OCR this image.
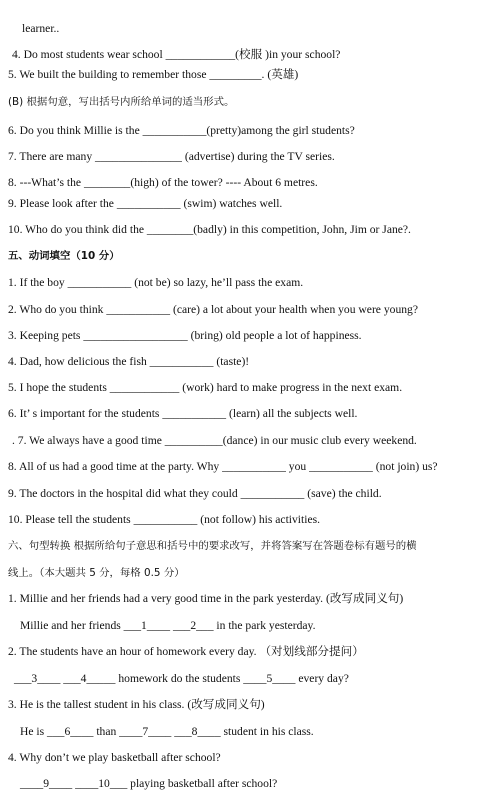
learner..
4. Do most students wear school ____________(校服 )in your school?
5. We built the building to remember those _________. (英雄)
(B) 根据句意，写出括号内所给单词的适当形式。
6. Do you think Millie is the ___________(pretty)among the girl students?
7. There are many _______________ (advertise) during the TV series.
8. ---What’s the ________(high) of the tower? ---- About 6 metres.
9. Please look after the ___________ (swim) watches well.
10. Who do you think did the ________(badly) in this competition, John, Jim or Jane?.
五、动词填空（10 分）
1. If the boy ___________ (not be) so lazy, he’ll pass the exam.
2. Who do you think ___________ (care) a lot about your health when you were young?
3. Keeping pets __________________ (bring) old people a lot of happiness.
4. Dad, how delicious the fish ___________ (taste)!
5. I hope the students ____________ (work) hard to make progress in the next exam.
6. It’ s important for the students ___________ (learn) all the subjects well.
. 7. We always have a good time __________(dance) in our music club every weekend.
8. All of us had a good time at the party. Why ___________ you ___________ (not join) us?
9. The doctors in the hospital did what they could ___________ (save) the child.
10. Please tell the students ___________ (not follow) his activities.
六、句型转换 根据所给句子意思和括号中的要求改写，并将答案写在答题卷标有题号的横
线上。（本大题共 5 分，每格 0.5 分）
1. Millie and her friends had a very good time in the park yesterday. (改写成同义句)
Millie and her friends ___1____ ___2___ in the park yesterday.
2. The students have an hour of homework every day. （对划线部分提问）
___3____ ___4_____ homework do the students ____5____ every day?
3. He is the tallest student in his class. (改写成同义句)
He is ___6____ than ____7____ ___8____ student in his class.
4. Why don’t we play basketball after school?
____9____ ____10___ playing basketball after school?
